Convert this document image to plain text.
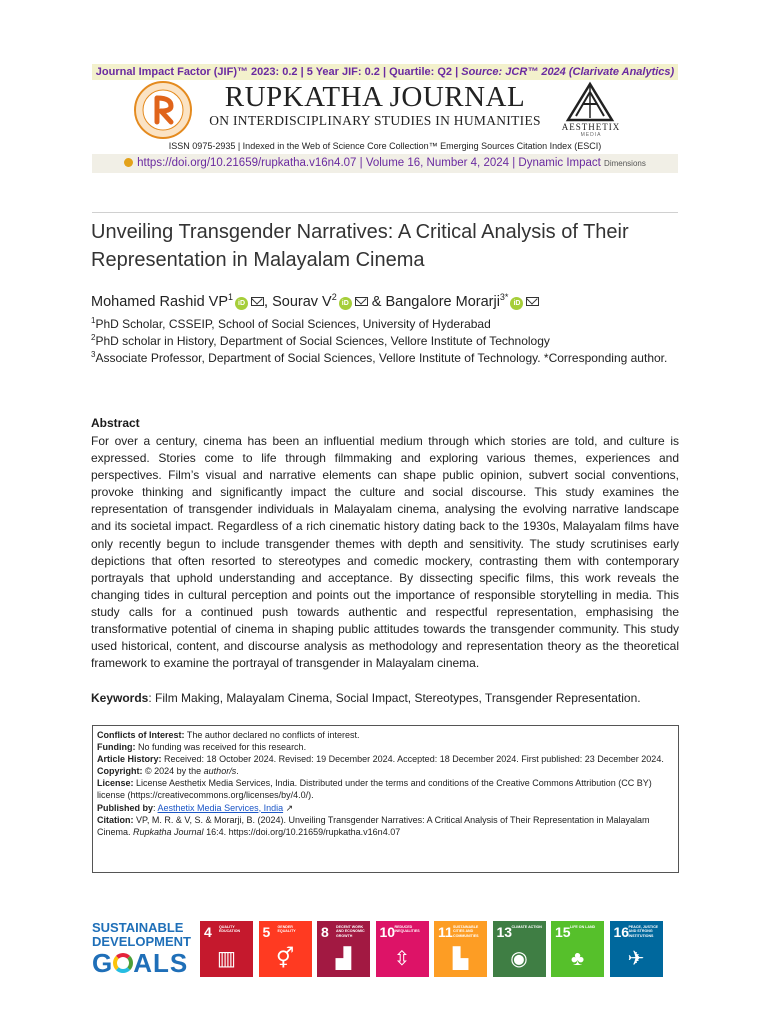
Journal Impact Factor (JIF)™ 2023: 0.2 | 5 Year JIF: 0.2 | Quartile: Q2 | Source: JCR™ 2024 (Clarivate Analytics)
RUPKATHA JOURNAL
ON INTERDISCIPLINARY STUDIES IN HUMANITIES	AESTHETIX
MEDIA
ISSN 0975-2935 | Indexed in the Web of Science Core Collection™ Emerging Sources Citation Index (ESCI)
https://doi.org/10.21659/rupkatha.v16n4.07 | Volume 16, Number 4, 2024 | Dynamic Impact Dimensions
Unveiling Transgender Narratives: A Critical Analysis of Their
Representation in Malayalam Cinema
Mohamed Rashid $VP^1iD$ , Sourav $V^2iD$ & Bangalore Morarji$^{3*}$iD
$^1$PhD Scholar, CSSEIP, School of Social Sciences, University of Hyderabad
$^2$PhD scholar in History, Department of Social Sciences, Vellore Institute of Technology
$^3$Associate Professor, Department of Social Sciences, Vellore Institute of Technology. *Corresponding author.
Abstract
For over a century, cinema has been an influential medium through which stories are told, and culture is expressed. Stories come to life through filmmaking and exploring various themes, experiences and perspectives. Film’s visual and narrative elements can shape public opinion, subvert social conventions, provoke thinking and significantly impact the culture and social discourse. This study examines the representation of transgender individuals in Malayalam cinema, analysing the evolving narrative landscape and its societal impact. Regardless of a rich cinematic history dating back to the 1930s, Malayalam films have only recently begun to include transgender themes with depth and sensitivity. The study scrutinises early depictions that often resorted to stereotypes and comedic mockery, contrasting them with contemporary portrayals that uphold understanding and acceptance. By dissecting specific films, this work reveals the changing tides in cultural perception and points out the importance of responsible storytelling in media. This study calls for a continued push towards authentic and respectful representation, emphasising the transformative potential of cinema in shaping public attitudes towards the transgender community. This study used historical, content, and discourse analysis as methodology and representation theory as the theoretical framework to examine the portrayal of transgender in Malayalam cinema.
Keywords: Film Making, Malayalam Cinema, Social Impact, Stereotypes, Transgender Representation.
Conflicts of Interest: The author declared no conflicts of interest.
Funding: No funding was received for this research.
Article History: Received: 18 October 2024. Revised: 19 December 2024. Accepted: 18 December 2024. First published: 23 December 2024.
Copyright: © 2024 by the author/s.
License: License Aesthetix Media Services, India. Distributed under the terms and conditions of the Creative Commons Attribution (CC BY) license (https://creativecommons.org/licenses/by/4.0/).
Published by: Aesthetix Media Services, India ↗
Citation: VP, M. R. & V, S. & Morarji, B. (2024). Unveiling Transgender Narratives: A Critical Analysis of Their Representation in Malayalam Cinema. Rupkatha Journal 16:4. https://doi.org/10.21659/rupkatha.v16n4.07
SUSTAINABLE
DEVELOPMENT
G ALS
4 QUALITY EDUCATION
▥
5 GENDER EQUALITY
⚥
8 DECENT WORK AND ECONOMIC GROWTH
▟
10 REDUCED INEQUALITIES
⇳
11 SUSTAINABLE CITIES AND COMMUNITIES
▙
13 CLIMATE ACTION
◉
15 LIFE ON LAND
♣
16 PEACE, JUSTICE AND STRONG INSTITUTIONS
✈
